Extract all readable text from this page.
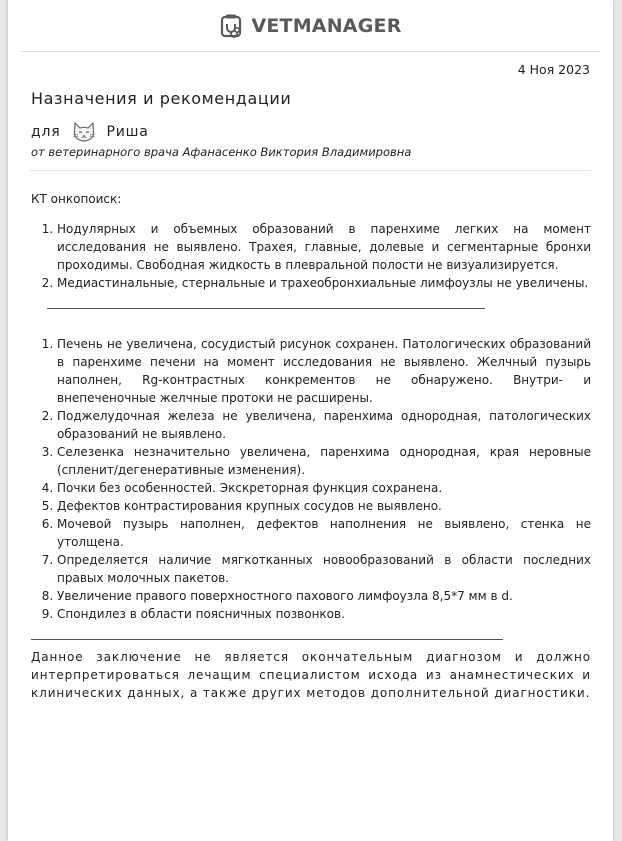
VETMANAGER
4 Ноя 2023
Назначения и рекомендации
для	Риша
от ветеринарного врача Афанасенко Виктория Владимировна
КТ онкопоиск:
1. Нодулярных и объемных образований в паренхиме легких на момент исследования не выявлено. Трахея, главные, долевые и сегментарные бронхи проходимы. Свободная жидкость в плевральной полости не визуализируется.
2. Медиастинальные, стернальные и трахеобронхиальные лимфоузлы не увеличены.
1. Печень не увеличена, сосудистый рисунок сохранен. Патологических образований в паренхиме печени на момент исследования не выявлено. Желчный пузырь наполнен, Rg-контрастных конкрементов не обнаружено. Внутри- и внепеченочные желчные протоки не расширены.
2. Поджелудочная железа не увеличена, паренхима однородная, патологических образований не выявлено.
3. Селезенка незначительно увеличена, паренхима однородная, края неровные (спленит/дегенеративные изменения).
4. Почки без особенностей. Экскреторная функция сохранена.
5. Дефектов контрастирования крупных сосудов не выявлено.
6. Мочевой пузырь наполнен, дефектов наполнения не выявлено, стенка не утолщена.
7. Определяется наличие мягкотканных новообразований в области последних правых молочных пакетов.
8. Увеличение правого поверхностного пахового лимфоузла 8,5*7 мм в d.
9. Спондилез в области поясничных позвонков.
Данное заключение не является окончательным диагнозом и должно интерпретироваться лечащим специалистом исхода из анамнестических и клинических данных, а также других методов дополнительной диагностики.
